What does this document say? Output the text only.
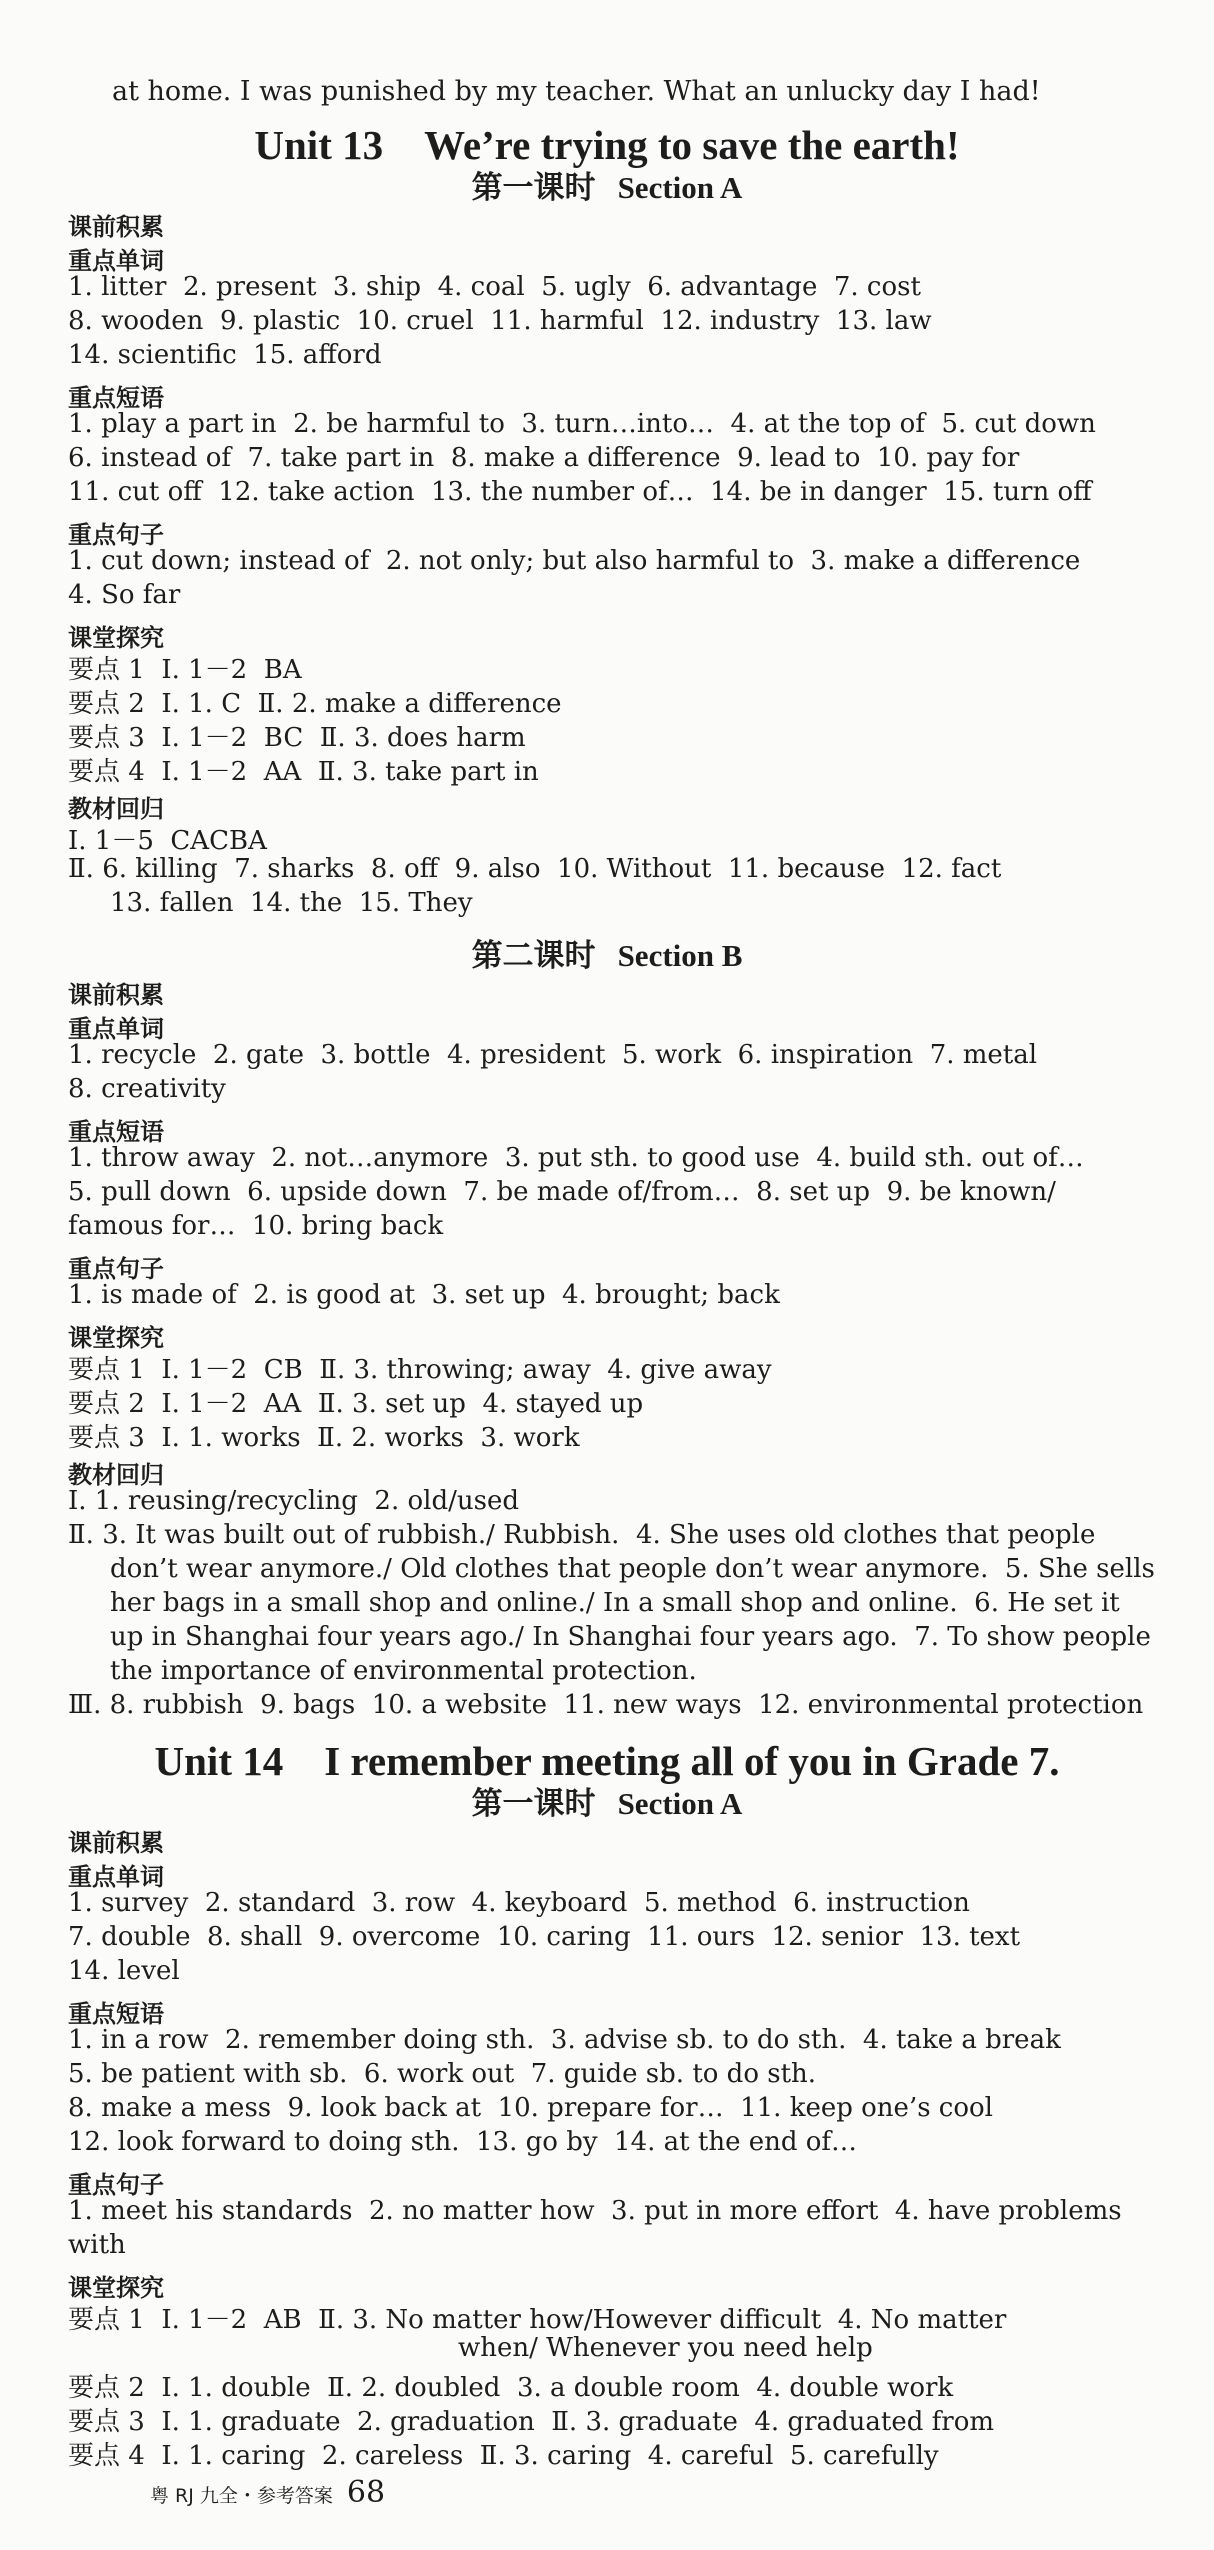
at home. I was punished by my teacher. What an unlucky day I had!
Unit 13　We’re trying to save the earth!
第一课时 Section A
课前积累
重点单词
1. litter  2. present  3. ship  4. coal  5. ugly  6. advantage  7. cost
8. wooden  9. plastic  10. cruel  11. harmful  12. industry  13. law
14. scientific  15. afford
重点短语
1. play a part in  2. be harmful to  3. turn…into…  4. at the top of  5. cut down
6. instead of  7. take part in  8. make a difference  9. lead to  10. pay for
11. cut off  12. take action  13. the number of…  14. be in danger  15. turn off
重点句子
1. cut down; instead of  2. not only; but also harmful to  3. make a difference
4. So far
课堂探究
要点 1  Ⅰ. 1－2  BA
要点 2  Ⅰ. 1. C  Ⅱ. 2. make a difference
要点 3  Ⅰ. 1－2  BC  Ⅱ. 3. does harm
要点 4  Ⅰ. 1－2  AA  Ⅱ. 3. take part in
教材回归
Ⅰ. 1－5  CACBA
Ⅱ. 6. killing  7. sharks  8. off  9. also  10. Without  11. because  12. fact
13. fallen  14. the  15. They
第二课时 Section B
课前积累
重点单词
1. recycle  2. gate  3. bottle  4. president  5. work  6. inspiration  7. metal
8. creativity
重点短语
1. throw away  2. not…anymore  3. put sth. to good use  4. build sth. out of…
5. pull down  6. upside down  7. be made of/from…  8. set up  9. be known/
famous for…  10. bring back
重点句子
1. is made of  2. is good at  3. set up  4. brought; back
课堂探究
要点 1  Ⅰ. 1－2  CB  Ⅱ. 3. throwing; away  4. give away
要点 2  Ⅰ. 1－2  AA  Ⅱ. 3. set up  4. stayed up
要点 3  Ⅰ. 1. works  Ⅱ. 2. works  3. work
教材回归
Ⅰ. 1. reusing/recycling  2. old/used
Ⅱ. 3. It was built out of rubbish./ Rubbish.  4. She uses old clothes that people
don’t wear anymore./ Old clothes that people don’t wear anymore.  5. She sells
her bags in a small shop and online./ In a small shop and online.  6. He set it
up in Shanghai four years ago./ In Shanghai four years ago.  7. To show people
the importance of environmental protection.
Ⅲ. 8. rubbish  9. bags  10. a website  11. new ways  12. environmental protection
Unit 14　I remember meeting all of you in Grade 7.
第一课时 Section A
课前积累
重点单词
1. survey  2. standard  3. row  4. keyboard  5. method  6. instruction
7. double  8. shall  9. overcome  10. caring  11. ours  12. senior  13. text
14. level
重点短语
1. in a row  2. remember doing sth.  3. advise sb. to do sth.  4. take a break
5. be patient with sb.  6. work out  7. guide sb. to do sth.
8. make a mess  9. look back at  10. prepare for…  11. keep one’s cool
12. look forward to doing sth.  13. go by  14. at the end of…
重点句子
1. meet his standards  2. no matter how  3. put in more effort  4. have problems
with
课堂探究
要点 1  Ⅰ. 1－2  AB  Ⅱ. 3. No matter how/However difficult  4. No matter
when/ Whenever you need help
要点 2  Ⅰ. 1. double  Ⅱ. 2. doubled  3. a double room  4. double work
要点 3  Ⅰ. 1. graduate  2. graduation  Ⅱ. 3. graduate  4. graduated from
要点 4  Ⅰ. 1. caring  2. careless  Ⅱ. 3. caring  4. careful  5. carefully
粤 RJ 九全・参考答案 68
